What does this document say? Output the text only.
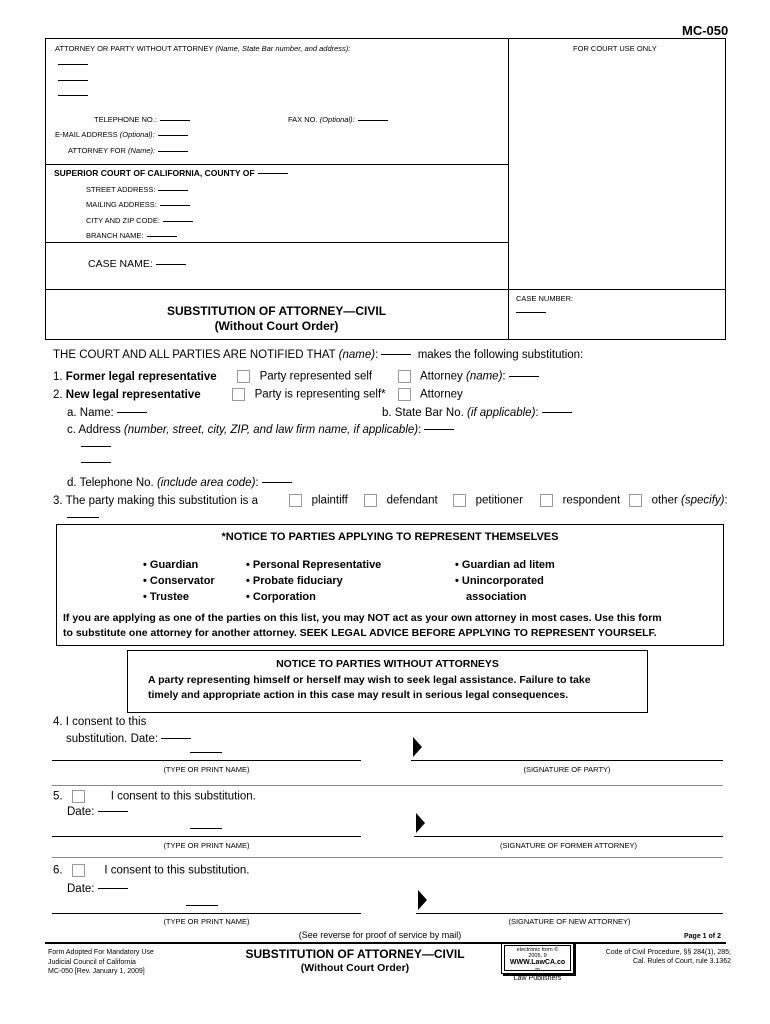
MC-050
ATTORNEY OR PARTY WITHOUT ATTORNEY (Name, State Bar number, and address):	FOR COURT USE ONLY
TELEPHONE NO.:	FAX NO. (Optional):
E-MAIL ADDRESS (Optional):
ATTORNEY FOR (Name):
SUPERIOR COURT OF CALIFORNIA, COUNTY OF
STREET ADDRESS:
MAILING ADDRESS:
CITY AND ZIP CODE:
BRANCH NAME:
CASE NAME:
SUBSTITUTION OF ATTORNEY—CIVIL
(Without Court Order)
CASE NUMBER:
THE COURT AND ALL PARTIES ARE NOTIFIED THAT (name):	makes the following substitution:
1. Former legal representative	Party represented self	Attorney (name):
2. New legal representative	Party is representing self*	Attorney
a. Name:	b. State Bar No. (if applicable):
c. Address (number, street, city, ZIP, and law firm name, if applicable):
d. Telephone No. (include area code):
3. The party making this substitution is a	plaintiff	defendant	petitioner	respondent	other (specify):
*NOTICE TO PARTIES APPLYING TO REPRESENT THEMSELVES
• Guardian
• Conservator
• Trustee
• Personal Representative
• Probate fiduciary
• Corporation
• Guardian ad litem
• Unincorporated
association
If you are applying as one of the parties on this list, you may NOT act as your own attorney in most cases. Use this form
to substitute one attorney for another attorney. SEEK LEGAL ADVICE BEFORE APPLYING TO REPRESENT YOURSELF.
NOTICE TO PARTIES WITHOUT ATTORNEYS
A party representing himself or herself may wish to seek legal assistance. Failure to take
timely and appropriate action in this case may result in serious legal consequences.
4. I consent to this
substitution. Date:
(TYPE OR PRINT NAME)	(SIGNATURE OF PARTY)
5.	I consent to this substitution.
Date:
(TYPE OR PRINT NAME)	(SIGNATURE OF FORMER ATTORNEY)
6.	I consent to this substitution.
Date:
(TYPE OR PRINT NAME)	(SIGNATURE OF NEW ATTORNEY)
(See reverse for proof of service by mail)	Page 1 of 2
Form Adopted For Mandatory Use
Judicial Council of California
MC-050 [Rev. January 1, 2009]
SUBSTITUTION OF ATTORNEY—CIVIL
(Without Court Order)
electronic form ©
2005, 9
WWW.LawCA.co
m
Law Publishers
Code of Civil Procedure, §§ 284(1), 285;
Cal. Rules of Court, rule 3.1362
